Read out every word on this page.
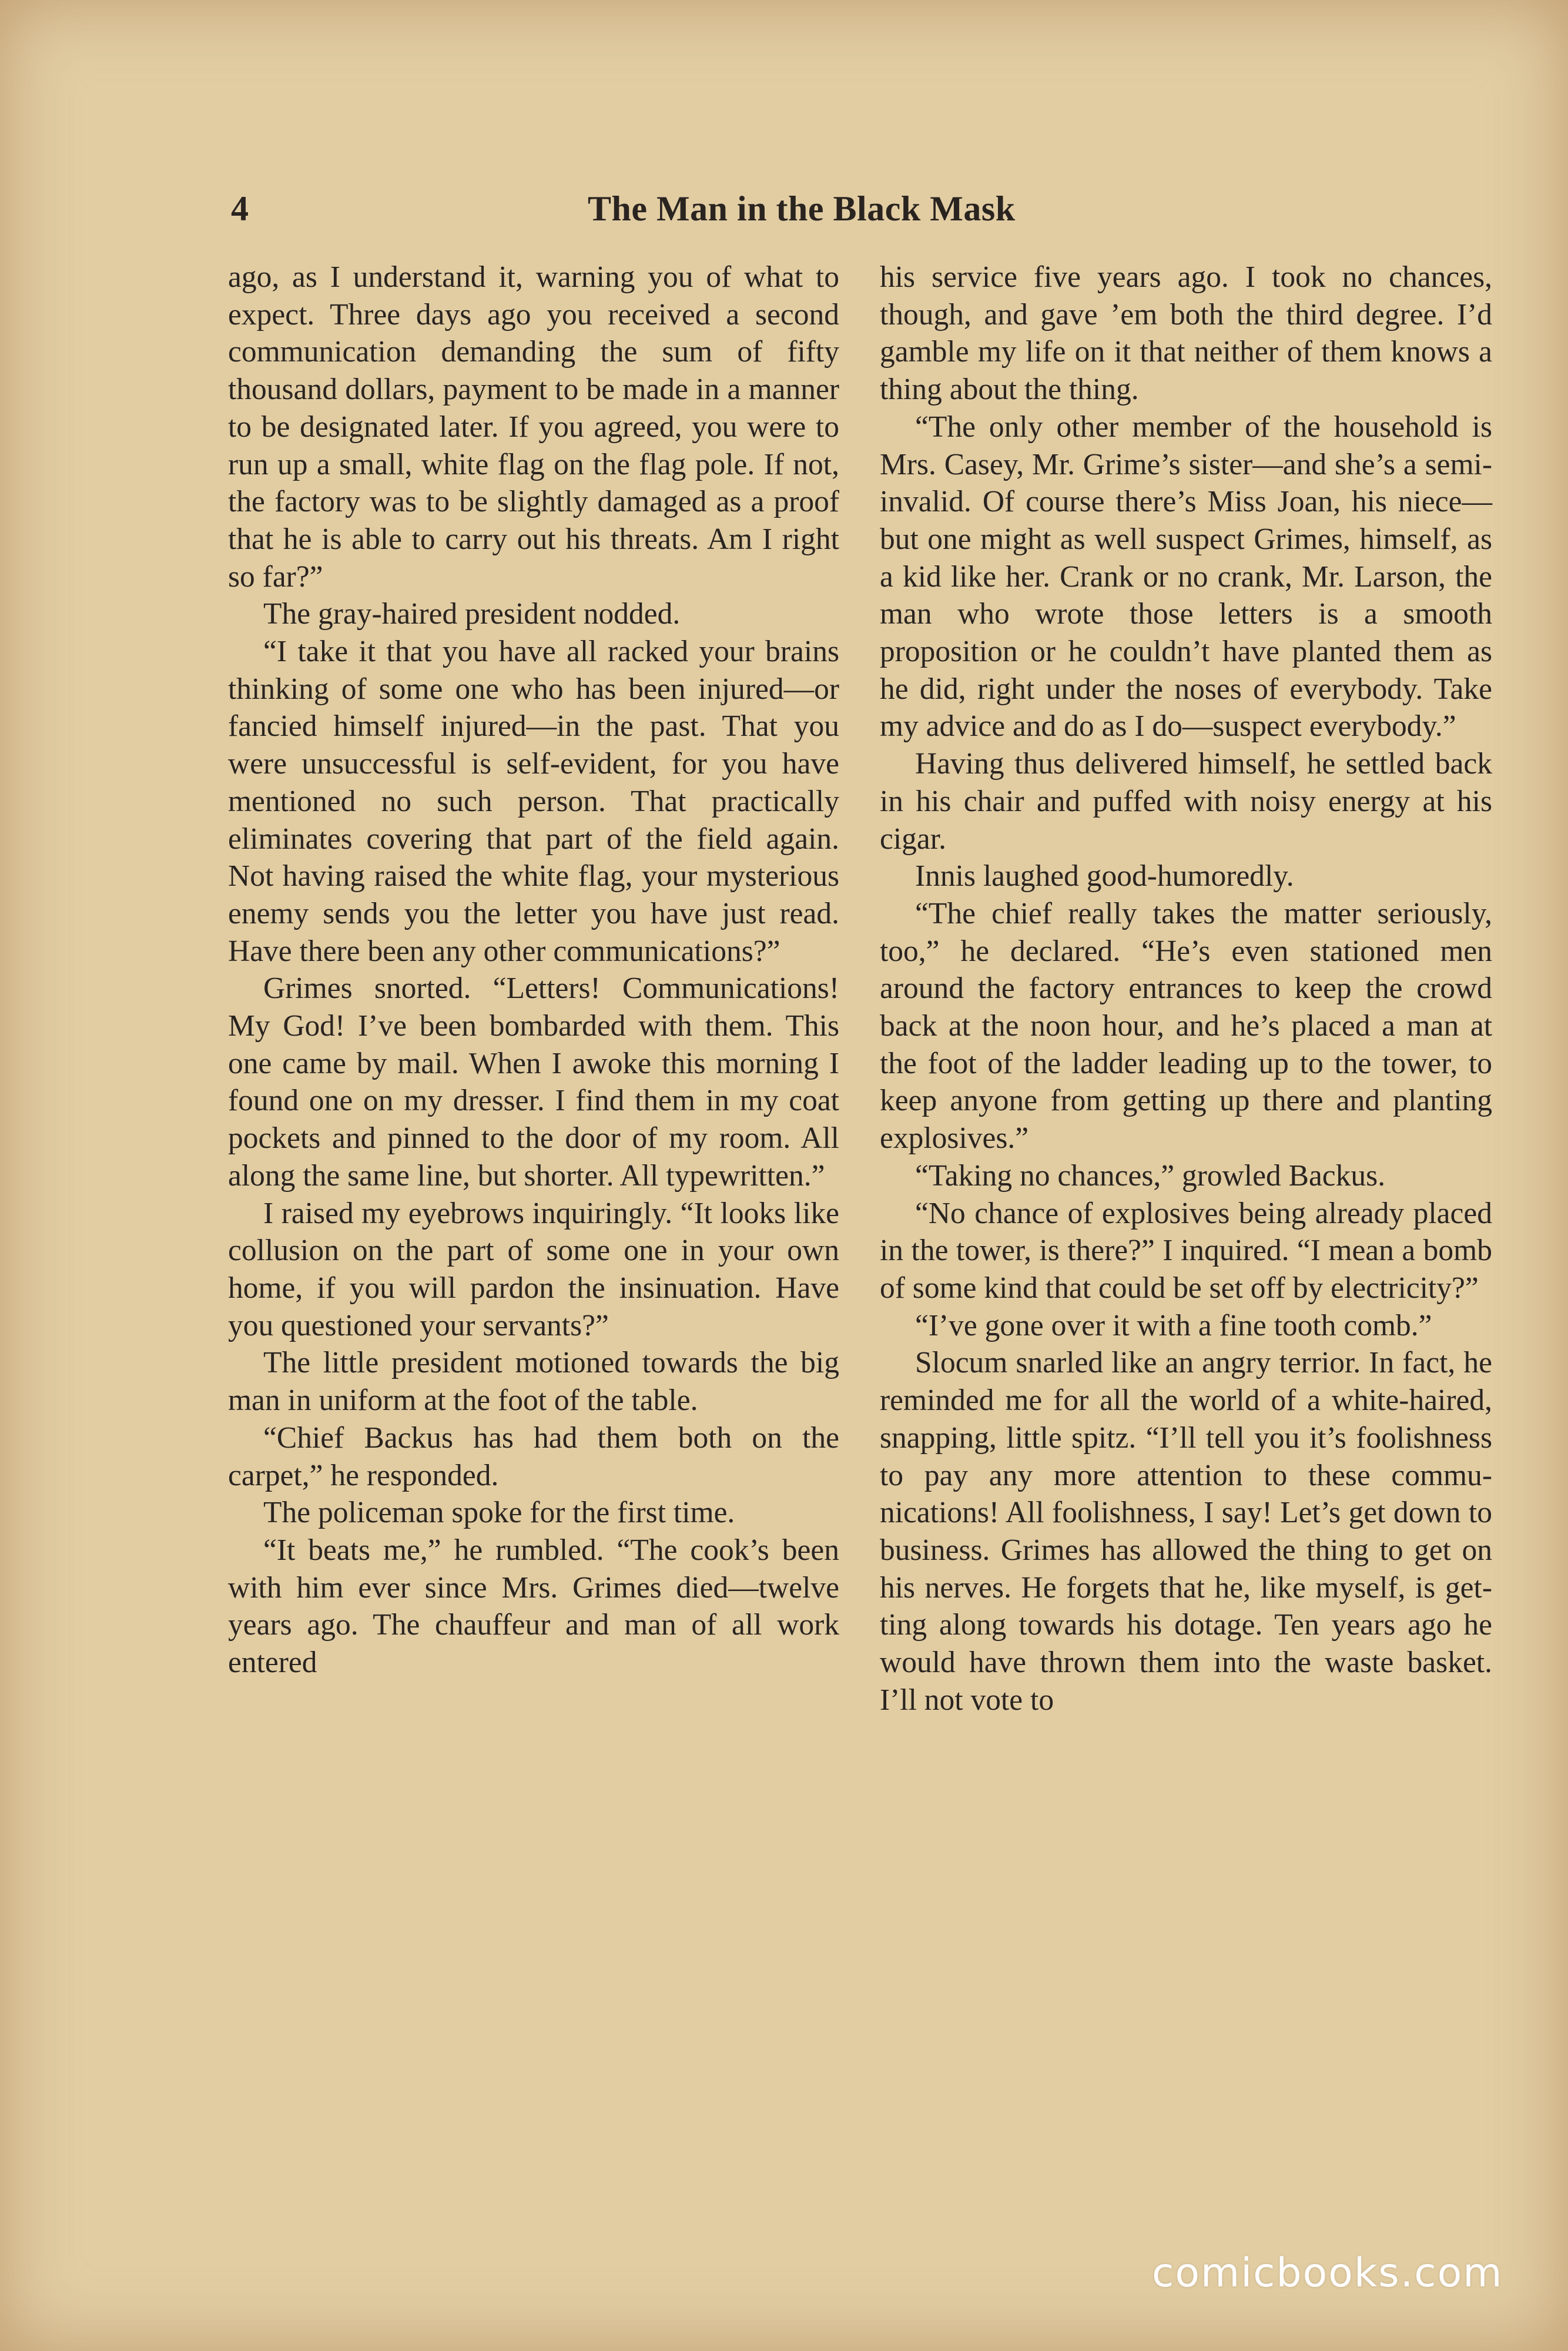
4	The Man in the Black Mask

ago, as I understand it, warning you of what to expect. Three days ago you received a second communication demanding the sum of fifty thousand dollars, payment to be made in a manner to be designated later. If you agreed, you were to run up a small, white flag on the flag pole. If not, the factory was to be slightly damaged as a proof that he is able to carry out his threats. Am I right so far?”

The gray-haired president nodded.

“I take it that you have all racked your brains thinking of some one who has been injured—or fancied himself injured—in the past. That you were unsuccessful is self-evident, for you have mentioned no such person. That practically eliminates covering that part of the field again. Not having raised the white flag, your mysterious enemy sends you the letter you have just read. Have there been any other communications?”

Grimes snorted. “Letters! Communications! My God! I’ve been bombarded with them. This one came by mail. When I awoke this morning I found one on my dresser. I find them in my coat pockets and pinned to the door of my room. All along the same line, but shorter. All typewritten.”

I raised my eyebrows inquiringly. “It looks like collusion on the part of some one in your own home, if you will pardon the insinuation. Have you questioned your servants?”

The little president motioned towards the big man in uniform at the foot of the table.

“Chief Backus has had them both on the carpet,” he responded.

The policeman spoke for the first time.

“It beats me,” he rumbled. “The cook’s been with him ever since Mrs. Grimes died—twelve years ago. The chauffeur and man of all work entered

his service five years ago. I took no chances, though, and gave ’em both the third degree. I’d gamble my life on it that neither of them knows a thing about the thing.

“The only other member of the household is Mrs. Casey, Mr. Grime’s sister—and she’s a semi-invalid. Of course there’s Miss Joan, his niece—but one might as well suspect Grimes, himself, as a kid like her. Crank or no crank, Mr. Larson, the man who wrote those letters is a smooth proposition or he couldn’t have planted them as he did, right under the noses of everybody. Take my advice and do as I do—suspect everybody.”

Having thus delivered himself, he settled back in his chair and puffed with noisy energy at his cigar.

Innis laughed good-humoredly.

“The chief really takes the matter seriously, too,” he declared. “He’s even stationed men around the factory entrances to keep the crowd back at the noon hour, and he’s placed a man at the foot of the ladder leading up to the tower, to keep anyone from getting up there and planting explosives.”

“Taking no chances,” growled Backus.

“No chance of explosives being already placed in the tower, is there?” I inquired. “I mean a bomb of some kind that could be set off by electricity?”

“I’ve gone over it with a fine tooth comb.”

Slocum snarled like an angry terrior. In fact, he reminded me for all the world of a white-haired, snapping, little spitz. “I’ll tell you it’s foolishness to pay any more attention to these communications! All foolishness, I say! Let’s get down to business. Grimes has allowed the thing to get on his nerves. He forgets that he, like myself, is getting along towards his dotage. Ten years ago he would have thrown them into the waste basket. I’ll not vote to

comicbooks.com
